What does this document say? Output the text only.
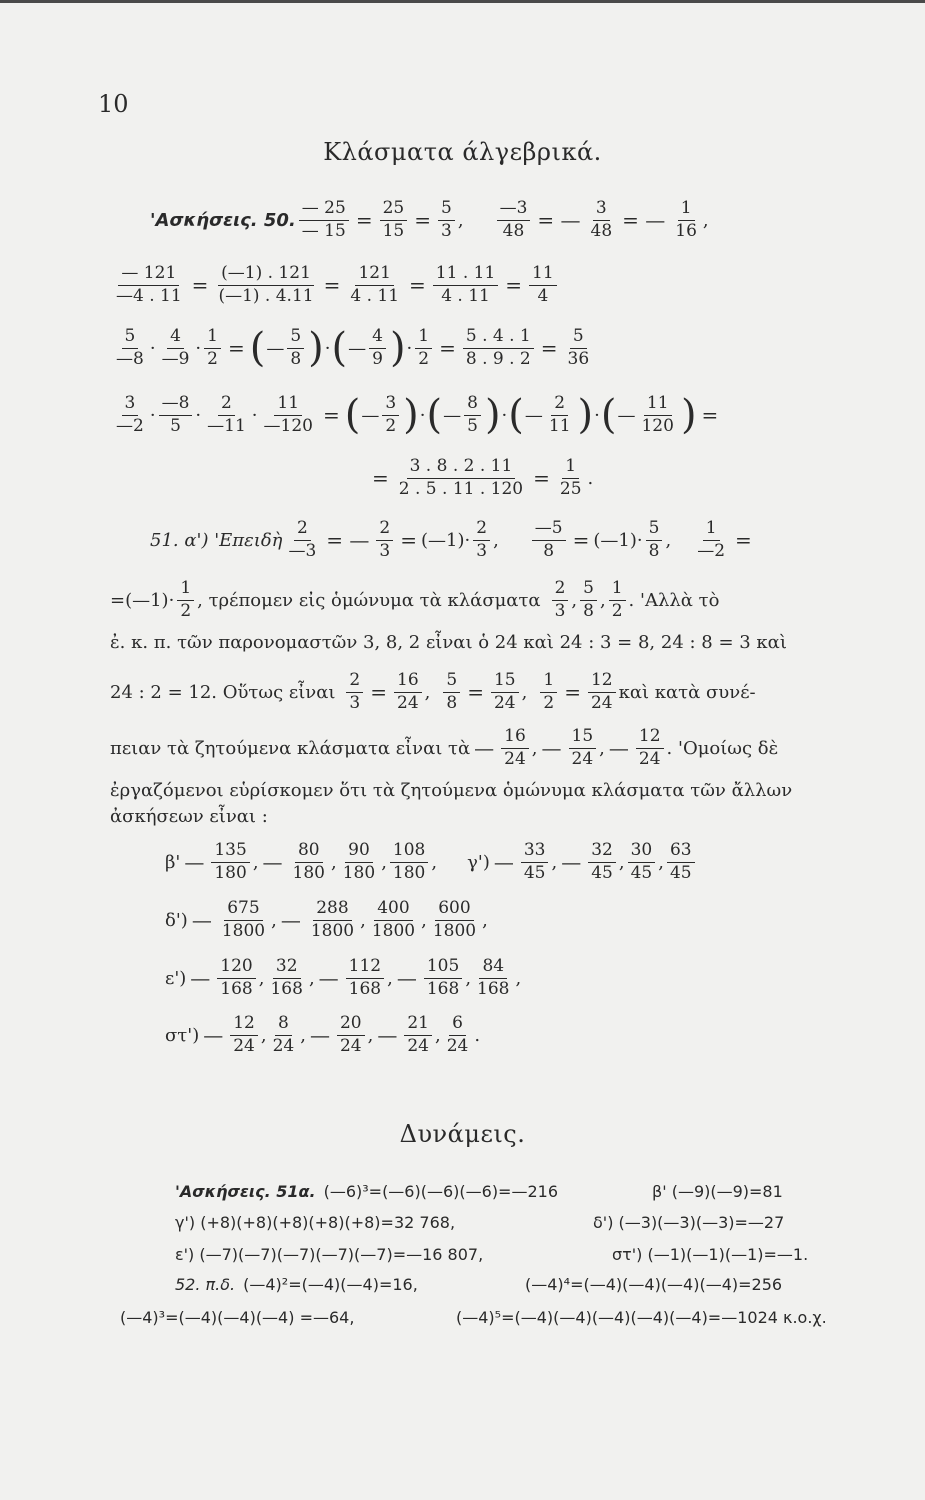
10
Κλάσματα άλγεβρικά.
'Ασκήσεις. 50. $\frac{— 25}{— 15} = \frac{25}{15} = \frac{5}{3}$ , $\frac{—3}{48}$ = — $\frac{3}{48}$ = — $\frac{1}{16}$ ,
$\frac{— 121}{—4 . 11} = \frac{(—1) . 121}{(—1) . 4.11} = \frac{121}{4 . 11} = \frac{11 . 11}{4 . 11} = \frac{11}{4}$
$\frac{5}{—8} \cdot \frac{4}{—9} \cdot \frac{1}{2}$ = ( — $\frac{5}{8}$ ) · ( — $\frac{4}{9}$ ) · $\frac{1}{2} = \frac{5 . 4 . 1}{8 . 9 . 2} = \frac{5}{36}$
$\frac{3}{—2} \cdot \frac{—8}{5} \cdot \frac{2}{—11} \cdot \frac{11}{—120}$ = ( — $\frac{3}{2}$ ) · ( — $\frac{8}{5}$ ) · ( — $\frac{2}{11}$ ) · ( — $\frac{11}{120}$ ) =
= $\frac{3 . 8 . 2 . 11}{2 . 5 . 11 . 120} = \frac{1}{25}$ .
51. α') 'Επειδὴ $\frac{2}{—3}$ = — $\frac{2}{3}$ = (—1) · $\frac{2}{3}$ , $\frac{—5}{8}$ = (—1) · $\frac{5}{8}$ , $\frac{1}{—2}$ =
=(—1) · $\frac{1}{2}$ , τρέπομεν εἰς ὁμώνυμα τὰ κλάσματα $\frac{2}{3}$ , $\frac{5}{8}$ , $\frac{1}{2}$ . 'Αλλὰ τὸ
ἐ. κ. π. τῶν παρονομαστῶν 3, 8, 2 εἶναι ὁ 24 καὶ 24 : 3 = 8, 24 : 8 = 3 καὶ
24 : 2 = 12. Οὕτως εἶναι $\frac{2}{3} = \frac{16}{24}$ , $\frac{5}{8} = \frac{15}{24}$ , $\frac{1}{2} = \frac{12}{24}$ καὶ κατὰ συνέ-
πειαν τὰ ζητούμενα κλάσματα εἶναι τὰ — $\frac{16}{24}$ , — $\frac{15}{24}$ , — $\frac{12}{24}$ . 'Ομοίως δὲ
ἐργαζόμενοι εὑρίσκομεν ὅτι τὰ ζητούμενα ὁμώνυμα κλάσματα τῶν ἄλλων
ἀσκήσεων εἶναι :
β' — $\frac{135}{180}$ , — $\frac{80}{180}$ , $\frac{90}{180}$ , $\frac{108}{180}$ , γ') — $\frac{33}{45}$ , — $\frac{32}{45}$ , $\frac{30}{45}$ , $\frac{63}{45}$
δ') — $\frac{675}{1800}$ , — $\frac{288}{1800}$ , $\frac{400}{1800}$ , $\frac{600}{1800}$ ,
ε') — $\frac{120}{168}$ , $\frac{32}{168}$ , — $\frac{112}{168}$ , — $\frac{105}{168}$ , $\frac{84}{168}$ ,
στ') — $\frac{12}{24}$ , $\frac{8}{24}$ , — $\frac{20}{24}$ , — $\frac{21}{24}$ , $\frac{6}{24}$ .
Δυνάμεις.
'Ασκήσεις. 51α. (—6)³=(—6)(—6)(—6)=—216	β' (—9)(—9)=81
γ') (+8)(+8)(+8)(+8)(+8)=32 768,	δ') (—3)(—3)(—3)=—27
ε') (—7)(—7)(—7)(—7)(—7)=—16 807,	στ') (—1)(—1)(—1)=—1.
52. π.δ. (—4)²=(—4)(—4)=16,	(—4)⁴=(—4)(—4)(—4)(—4)=256
(—4)³=(—4)(—4)(—4) =—64,	(—4)⁵=(—4)(—4)(—4)(—4)(—4)=—1024 κ.ο.χ.
